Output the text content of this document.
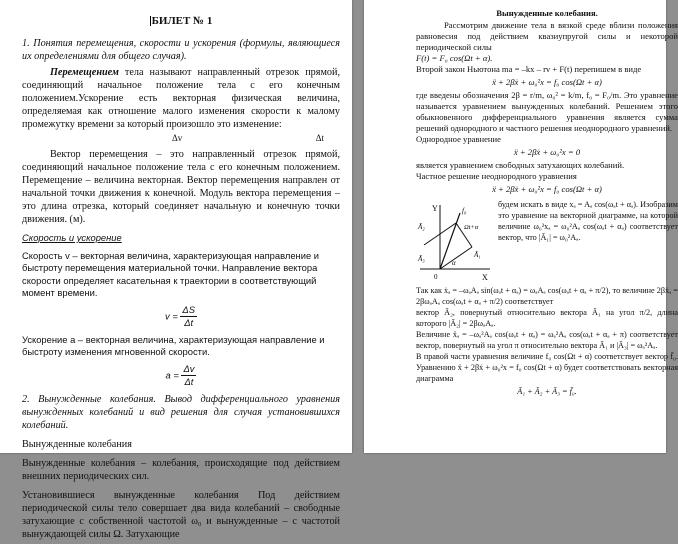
БИЛЕТ № 1
1. Понятия перемещения, скорости и ускорения (формулы, являющиеся их определениями для общего случая).
Перемещением тела называют направленный отрезок прямой, соединяющий начальное положение тела с его конечным положением.Ускорение есть векторная физическая величина, определяемая как отношение малого изменения скорости к малому промежутку времени за который произошло это изменение:
Δv	Δt
Вектор перемещения – это направленный отрезок прямой, соединяющий начальное положение тела с его конечным положением. Перемещение – величина векторная. Вектор перемещения направлен от начальной точки движения к конечной. Модуль вектора перемещения – это длина отрезка, который соединяет начальную и конечную точки движения. (м).
Скорость и ускорение
Скорость v – векторная величина, характеризующая направление и быстроту перемещения материальной точки. Направление вектора скорости определяет касательная к траектории в соответствующий момент времени.
$v = \frac{\Delta S}{\Delta t}$
Ускорение a – векторная величина, характеризующая направление и быстроту изменения мгновенной скорости.
$a = \frac{\Delta v}{\Delta t}$
2. Вынужденные колебания. Вывод дифференциального уравнения вынужденных колебаний и вид решения для случая установившихся колебаний.
Вынужденные колебания
Вынужденные колебания – колебания, происходящие под действием внешних периодических сил.
Установившиеся вынужденные колебания Под действием периодической силы тело совершает два вида колебаний – свободные затухающие с собственной частотой ω₀ и вынужденные – с частотой вынуждающей силы Ω. Затухающие
Вынужденные колебания.
Рассмотрим движение тела в вязкой среде вблизи положения равновесия под действием квазиупругой силы и некоторой периодической силы
F(t) = F₀ cos(Ωt + α).
Второй закон Ньютона ma = –kx – rv + F(t) перепишем в виде
ẍ + 2βẋ + ω₀²x = f₀ cos(Ωt + α)
где введены обозначения 2β = r/m, ω₀² = k/m, f₀ = F₀/m. Это уравнение называется уравнением вынужденных колебаний. Решением этого обыкновенного дифференциального уравнения является сумма решений однородного и частного решения неоднородного уравнений.
Однородное уравнение
ẍ + 2βẋ + ω₀²x = 0
является уравнением свободных затухающих колебаний.
Частное решение неоднородного уравнения
ẍ + 2βẋ + ω₀²x = f₀ cos(Ωt + α)
Y
X
0
f₀
Ωt+α
Ā₁
Ā₂
Ā₃	α
будем искать в виде xₐ = Aₐ cos(ωₐt + αₐ). Изобразим это уравнение на векторной диаграмме, на которой величине ω₀²xₐ = ω₀²Aₐ cos(ωₐt + αₐ) соответствует вектор, что |Ā₁| = ω₀²Aₐ.
Так как ẋₐ = –ωₐAₐ sin(ωₐt + αₐ) = ωₐAₐ cos(ωₐt + αₐ + π/2), то величине 2βẋₐ = 2βωₐAₐ cos(ωₐt + αₐ + π/2) соответствует
вектор Ā₂, повернутый относительно вектора Ā₁ на угол π/2, длина которого |Ā₂| = 2βωₐAₐ.
Величине ẍₐ = –ωₐ²Aₐ cos(ωₐt + αₐ) = ωₐ²Aₐ cos(ωₐt + αₐ + π) соответствует вектор, повернутый на угол π относительно вектора Ā₁ и |Ā₃| = ωₐ²Aₐ.
В правой части уравнения величине f₀ cos(Ωt + α) соответствует вектор f̄₀. Уравнению ẍ + 2βẋ + ω₀²x = f₀ cos(Ωt + α) будет соответствовать векторная диаграмма
Ā₁ + Ā₂ + Ā₃ = f̄₀.
